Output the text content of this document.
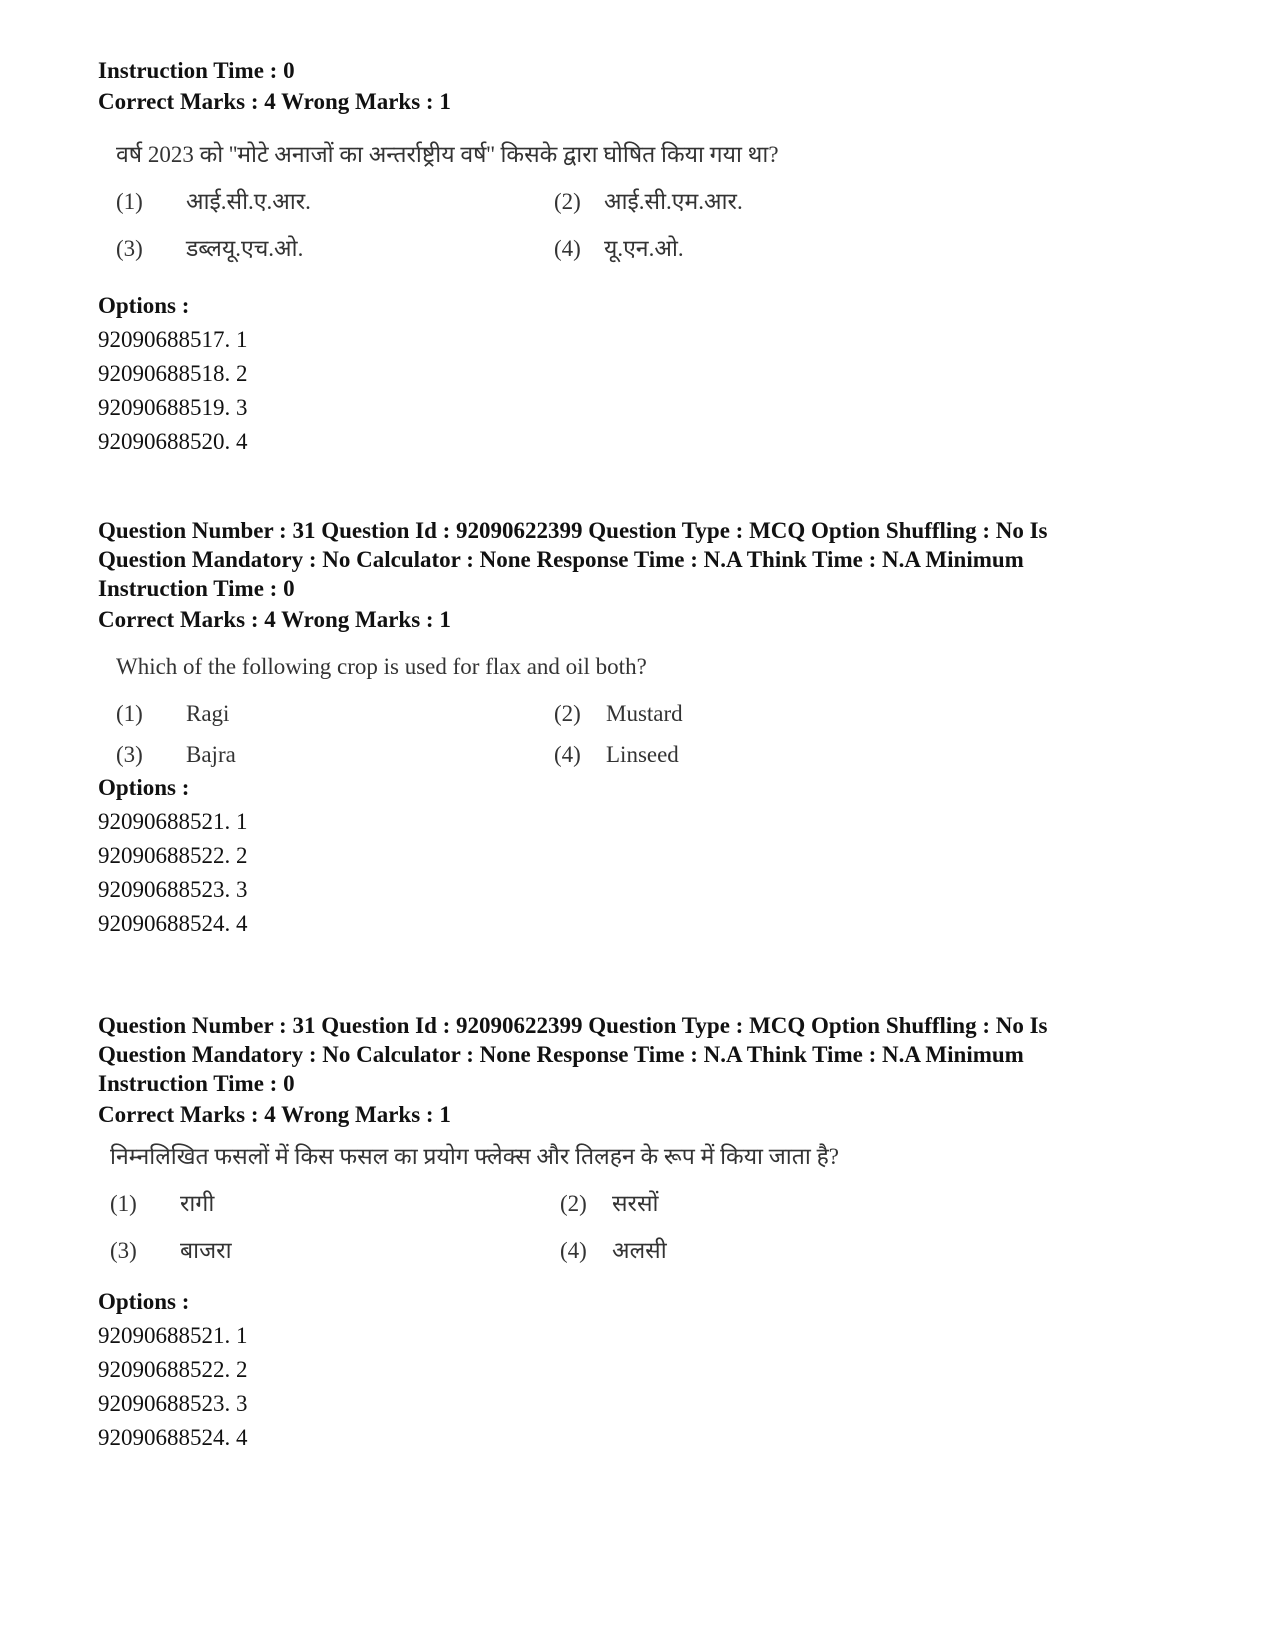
Instruction Time : 0
Correct Marks : 4 Wrong Marks : 1
वर्ष 2023 को ''मोटे अनाजों का अन्तर्राष्ट्रीय वर्ष'' किसके द्वारा घोषित किया गया था?
(1) आई.सी.ए.आर.	(2) आई.सी.एम.आर.
(3) डब्लयू.एच.ओ.	(4) यू.एन.ओ.
Options :
92090688517. 1
92090688518. 2
92090688519. 3
92090688520. 4
Question Number : 31 Question Id : 92090622399 Question Type : MCQ Option Shuffling : No Is
Question Mandatory : No Calculator : None Response Time : N.A Think Time : N.A Minimum
Instruction Time : 0
Correct Marks : 4 Wrong Marks : 1
Which of the following crop is used for flax and oil both?
(1) Ragi	(2) Mustard
(3) Bajra	(4) Linseed
Options :
92090688521. 1
92090688522. 2
92090688523. 3
92090688524. 4
Question Number : 31 Question Id : 92090622399 Question Type : MCQ Option Shuffling : No Is
Question Mandatory : No Calculator : None Response Time : N.A Think Time : N.A Minimum
Instruction Time : 0
Correct Marks : 4 Wrong Marks : 1
निम्नलिखित फसलों में किस फसल का प्रयोग फ्लेक्स और तिलहन के रूप में किया जाता है?
(1) रागी	(2) सरसों
(3) बाजरा	(4) अलसी
Options :
92090688521. 1
92090688522. 2
92090688523. 3
92090688524. 4
